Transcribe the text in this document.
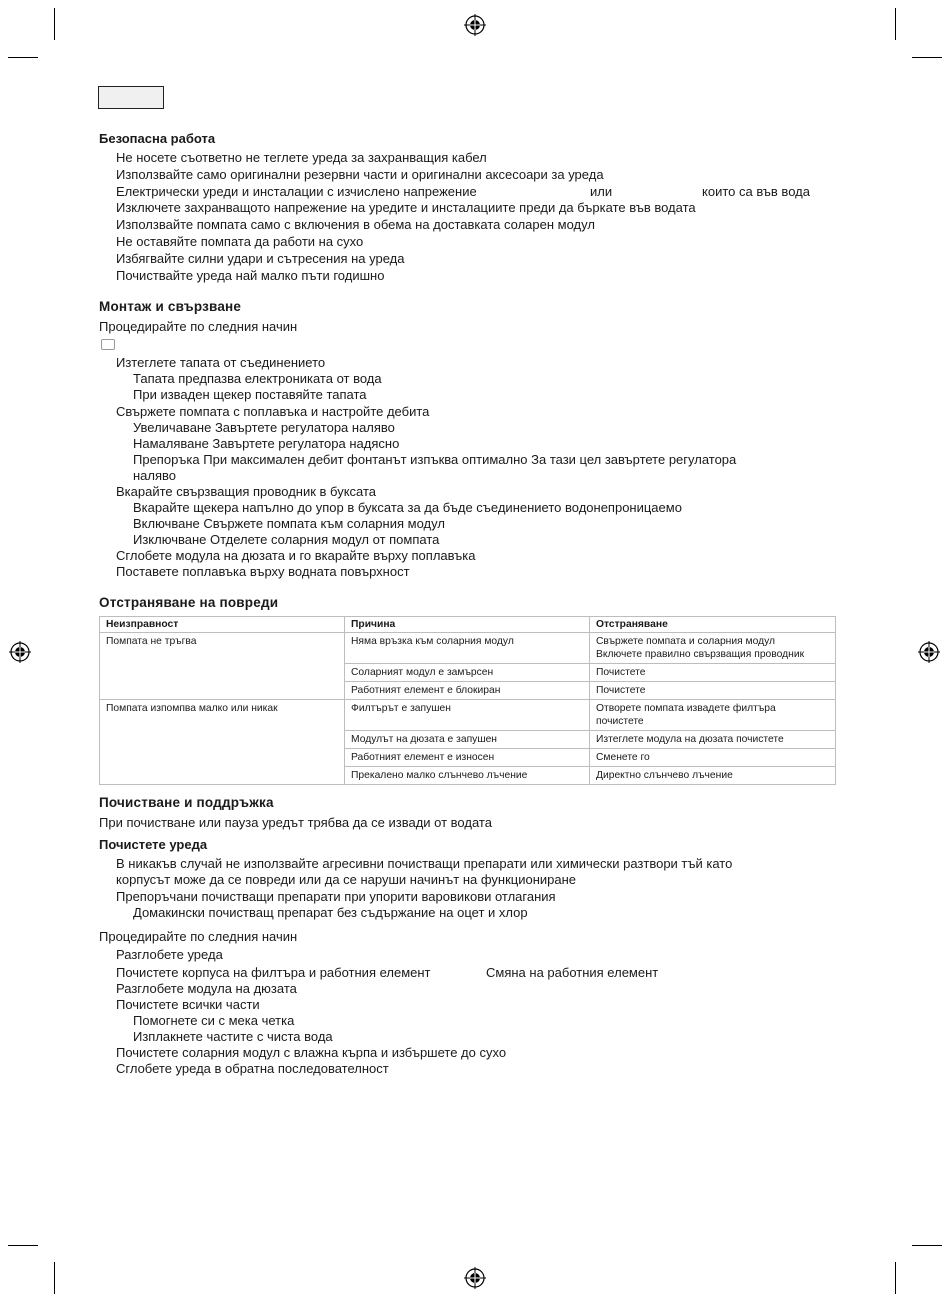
Безопасна работа
Не носете съответно не теглете уреда за захранващия кабел
Използвайте само оригинални резервни части и оригинални аксесоари за уреда
Електрически уреди и инсталации с изчислено напрежение	или	които са във вода
Изключете захранващото напрежение на уредите и инсталациите преди да бъркате във водата
Използвайте помпата само с включения в обема на доставката соларен модул
Не оставяйте помпата да работи на сухо
Избягвайте силни удари и сътресения на уреда
Почиствайте уреда най малко пъти годишно
Монтаж и свързване
Процедирайте по следния начин
Изтеглете тапата от съединението
Тапата предпазва електрониката от вода
При изваден щекер поставяйте тапата
Свържете помпата с поплавъка и настройте дебита
Увеличаване Завъртете регулатора наляво
Намаляване Завъртете регулатора надясно
Препоръка При максимален дебит фонтанът изпъква оптимално За тази цел завъртете регулатора
наляво
Вкарайте свързващия проводник в буксата
Вкарайте щекера напълно до упор в буксата за да бъде съединението водонепроницаемо
Включване Свържете помпата към соларния модул
Изключване Отделете соларния модул от помпата
Сглобете модула на дюзата и го вкарайте върху поплавъка
Поставете поплавъка върху водната повърхност
Отстраняване на повреди
Неизправност	Причина	Отстраняване
Помпата не тръгва	Няма връзка към соларния модул	Свържете помпата и соларния модул
Включете правилно свързващия проводник

	Соларният модул е замърсен	Почистете
	Работният елемент е блокиран	Почистете
Помпата изпомпва малко или никак	Филтърът е запушен	Отворете помпата извадете филтъра
почистете

	Модулът на дюзата е запушен	Изтеглете модула на дюзата почистете
	Работният елемент е износен	Сменете го
	Прекалено малко слънчево лъчение	Директно слънчево лъчение
Почистване и поддръжка
При почистване или пауза уредът трябва да се извади от водата
Почистете уреда
В никакъв случай не използвайте агресивни почистващи препарати или химически разтвори тъй като
корпусът може да се повреди или да се наруши начинът на функциониране
Препоръчани почистващи препарати при упорити варовикови отлагания
Домакински почистващ препарат без съдържание на оцет и хлор
Процедирайте по следния начин
Разглобете уреда
Почистете корпуса на филтъра и работния елемент	Смяна на работния елемент
Разглобете модула на дюзата
Почистете всички части
Помогнете си с мека четка
Изплакнете частите с чиста вода
Почистете соларния модул с влажна кърпа и избършете до сухо
Сглобете уреда в обратна последователност
